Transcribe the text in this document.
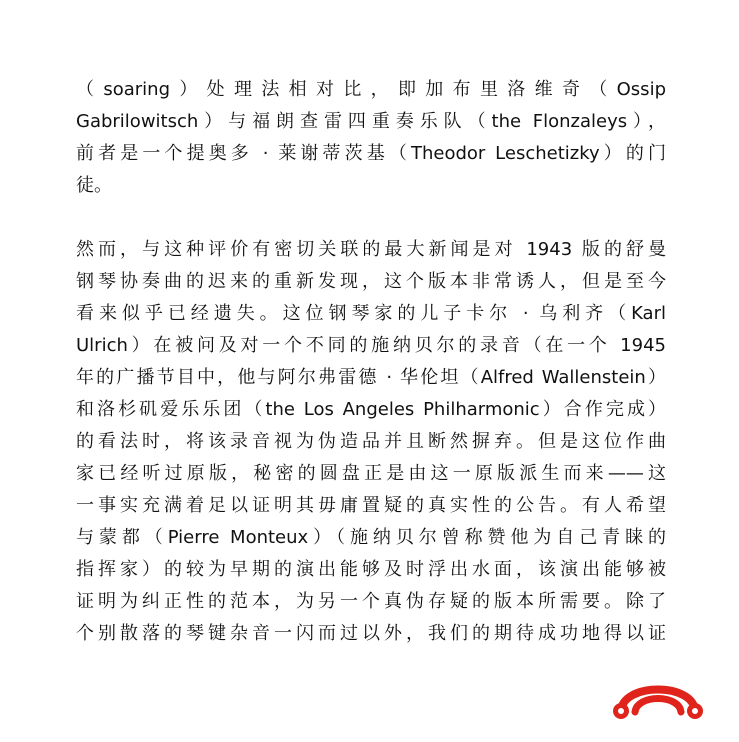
（soaring）处理法相对比，即加布里洛维奇（Ossip
Gabrilowitsch）与福朗查雷四重奏乐队（the Flonzaleys），
前者是一个提奥多 · 莱谢蒂茨基（Theodor Leschetizky）的门
徒。
然而，与这种评价有密切关联的最大新闻是对 1943 版的舒曼
钢琴协奏曲的迟来的重新发现，这个版本非常诱人，但是至今
看来似乎已经遗失。这位钢琴家的儿子卡尔 · 乌利齐（Karl
Ulrich）在被问及对一个不同的施纳贝尔的录音（在一个 1945
年的广播节目中，他与阿尔弗雷德 · 华伦坦（Alfred Wallenstein）
和洛杉矶爱乐乐团（the Los Angeles Philharmonic）合作完成）
的看法时，将该录音视为伪造品并且断然摒弃。但是这位作曲
家已经听过原版，秘密的圆盘正是由这一原版派生而来——这
一事实充满着足以证明其毋庸置疑的真实性的公告。有人希望
与蒙都（Pierre Monteux）（施纳贝尔曾称赞他为自己青睐的
指挥家）的较为早期的演出能够及时浮出水面，该演出能够被
证明为纠正性的范本，为另一个真伪存疑的版本所需要。除了
个别散落的琴键杂音一闪而过以外，我们的期待成功地得以证
